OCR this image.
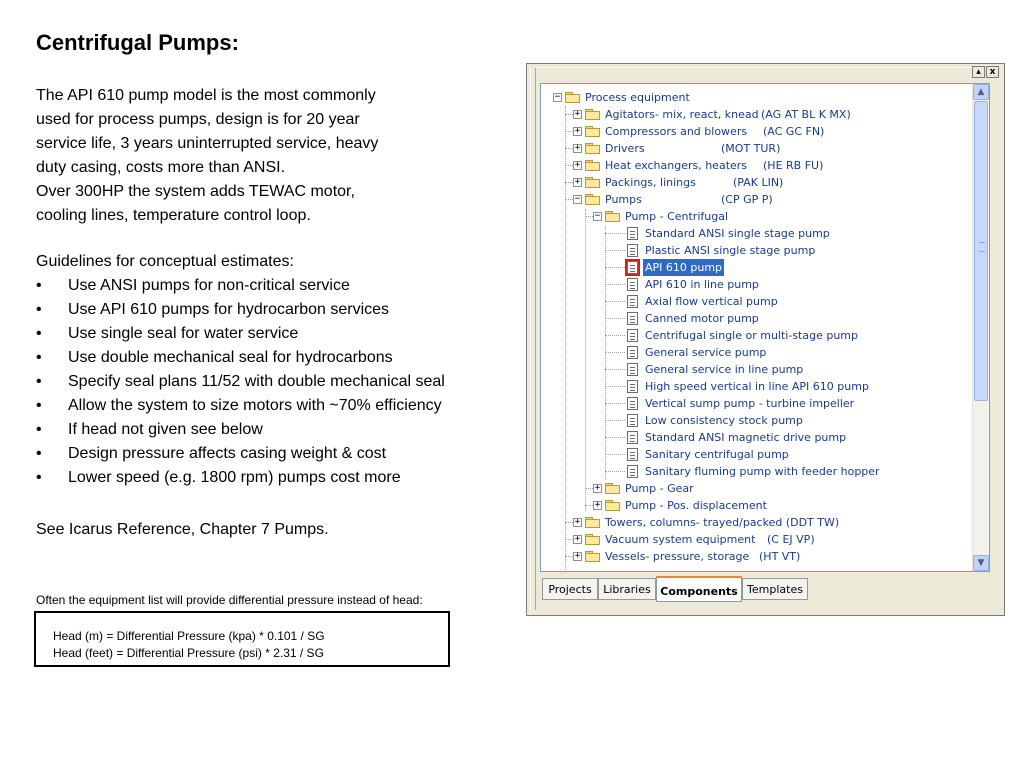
Centrifugal Pumps:
The API 610 pump model is the most commonly
used for process pumps, design is for 20 year
service life, 3 years uninterrupted service, heavy
duty casing, costs more than ANSI.
Over 300HP the system adds TEWAC motor,
cooling lines, temperature control loop.
Guidelines for conceptual estimates:
• Use ANSI pumps for non-critical service
• Use API 610 pumps for hydrocarbon services
• Use single seal for water service
• Use double mechanical seal for hydrocarbons
• Specify seal plans 11/52 with double mechanical seal
• Allow the system to size motors with ~70% efficiency
• If head not given see below
• Design pressure affects casing weight & cost
• Lower speed (e.g. 1800 rpm) pumps cost more
See Icarus Reference, Chapter 7 Pumps.
Often the equipment list will provide differential pressure instead of head:
Head (m) = Differential Pressure (kpa) * 0.101 / SG
Head (feet) = Differential Pressure (psi) * 2.31 / SG
▴ x
− Process equipment
+ Agitators- mix, react, knead (AG AT BL K MX)
+ Compressors and blowers (AC GC FN)
+ Drivers	(MOT TUR)
+ Heat exchangers, heaters (HE RB FU)
+ Packings, linings	(PAK LIN)
− Pumps	(CP GP P)
− Pump - Centrifugal
Standard ANSI single stage pump
Plastic ANSI single stage pump
API 610 pump
API 610 in line pump
Axial flow vertical pump
Canned motor pump
Centrifugal single or multi-stage pump
General service pump
General service in line pump
High speed vertical in line API 610 pump
Vertical sump pump - turbine impeller
Low consistency stock pump
Standard ANSI magnetic drive pump
Sanitary centrifugal pump
Sanitary fluming pump with feeder hopper
+ Pump - Gear
+ Pump - Pos. displacement
+ Towers, columns- trayed/packed (DDT TW)
+ Vacuum system equipment (C EJ VP)
+ Vessels- pressure, storage (HT VT)
▲
▼
Projects	Libraries Components Templates
